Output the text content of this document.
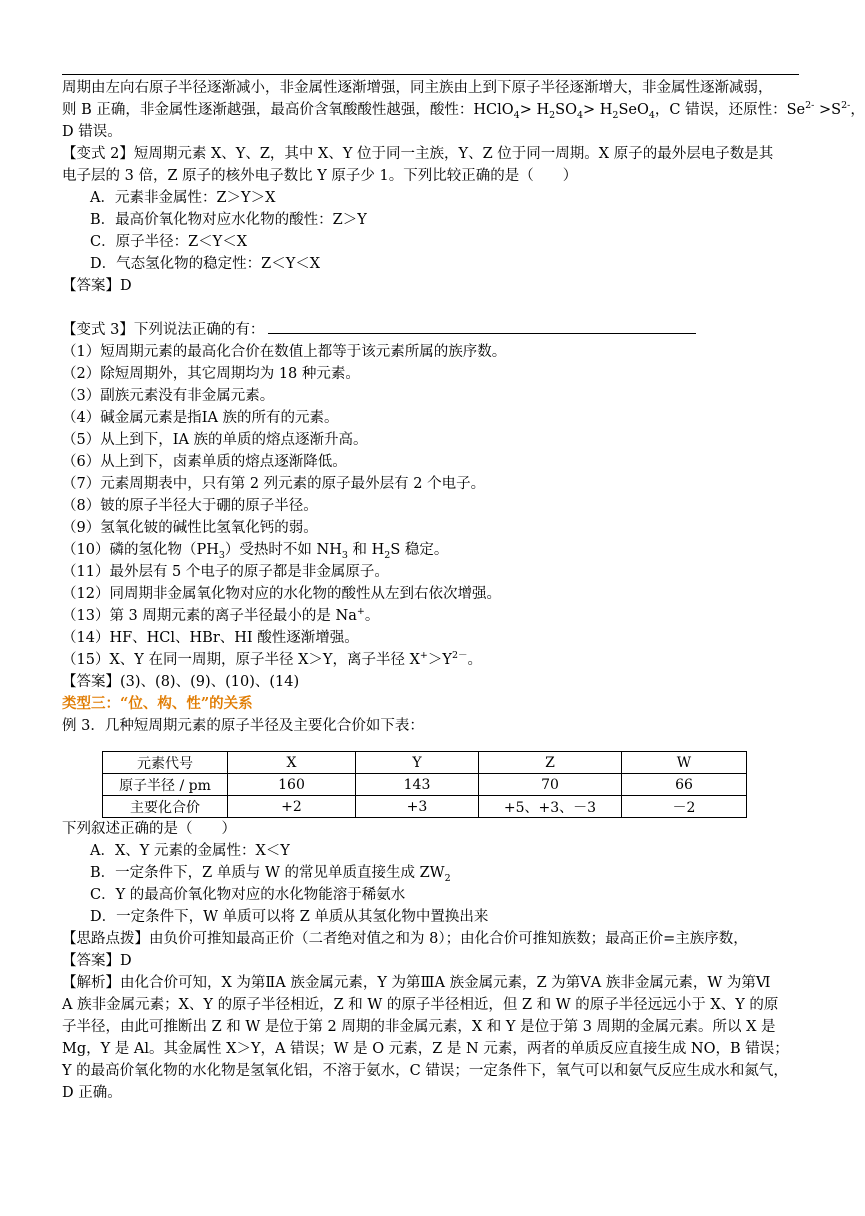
周期由左向右原子半径逐渐减小，非金属性逐渐增强，同主族由上到下原子半径逐渐增大，非金属性逐渐减弱，
则 B 正确，非金属性逐渐越强，最高价含氧酸酸性越强，酸性：HClO$_4$> $H_2SO_4> H_2SeO_4$，C 错误，还原性：$Se^{2-} >S^{2-}$，
D 错误。
【变式 2】短周期元素 X、Y、Z，其中 X、Y 位于同一主族，Y、Z 位于同一周期。X 原子的最外层电子数是其
电子层的 3 倍，Z 原子的核外电子数比 Y 原子少 1。下列比较正确的是（　　）
A．元素非金属性：Z＞Y＞X
B．最高价氧化物对应水化物的酸性：Z＞Y
C．原子半径：Z＜Y＜X
D．气态氢化物的稳定性：Z＜Y＜X
【答案】D
【变式 3】下列说法正确的有：
（1）短周期元素的最高化合价在数值上都等于该元素所属的族序数。
（2）除短周期外，其它周期均为 18 种元素。
（3）副族元素没有非金属元素。
（4）碱金属元素是指ⅠA 族的所有的元素。
（5）从上到下，ⅠA 族的单质的熔点逐渐升高。
（6）从上到下，卤素单质的熔点逐渐降低。
（7）元素周期表中，只有第 2 列元素的原子最外层有 2 个电子。
（8）铍的原子半径大于硼的原子半径。
（9）氢氧化铍的碱性比氢氧化钙的弱。
（10）磷的氢化物$(PH_3)$受热时不如 $NH_3$ 和 $H_2S$ 稳定。
（11）最外层有 5 个电子的原子都是非金属原子。
（12）同周期非金属氧化物对应的水化物的酸性从左到右依次增强。
（13）第 3 周期元素的离子半径最小的是 Na+。
（14）HF、HCl、HBr、HI 酸性逐渐增强。
（15）X、Y 在同一周期，原子半径 X＞Y，离子半径 $X^+>Y^{2-}$。
【答案】(3)、(8)、(9)、(10)、(14)
类型三：“位、构、性”的关系
例 3．几种短周期元素的原子半径及主要化合价如下表：
元素代号	X	Y	Z	W
原子半径 / pm	160	143	70	66
主要化合价	+2	+3	+5、+3、－3	－2
下列叙述正确的是（　　）
A．X、Y 元素的金属性：X＜Y
B．一定条件下，Z 单质与 W 的常见单质直接生成 $ZW_2$
C．Y 的最高价氧化物对应的水化物能溶于稀氨水
D．一定条件下，W 单质可以将 Z 单质从其氢化物中置换出来
【思路点拨】由负价可推知最高正价（二者绝对值之和为 8）；由化合价可推知族数；最高正价=主族序数，
【答案】D
【解析】由化合价可知，X 为第ⅡA 族金属元素，Y 为第ⅢA 族金属元素，Z 为第ⅤA 族非金属元素，W 为第Ⅵ
A 族非金属元素；X、Y 的原子半径相近，Z 和 W 的原子半径相近，但 Z 和 W 的原子半径远远小于 X、Y 的原
子半径，由此可推断出 Z 和 W 是位于第 2 周期的非金属元素，X 和 Y 是位于第 3 周期的金属元素。所以 X 是
Mg，Y 是 Al。其金属性 X＞Y，A 错误；W 是 O 元素，Z 是 N 元素，两者的单质反应直接生成 NO，B 错误；
Y 的最高价氧化物的水化物是氢氧化铝，不溶于氨水，C 错误；一定条件下，氧气可以和氨气反应生成水和氮气，
D 正确。
